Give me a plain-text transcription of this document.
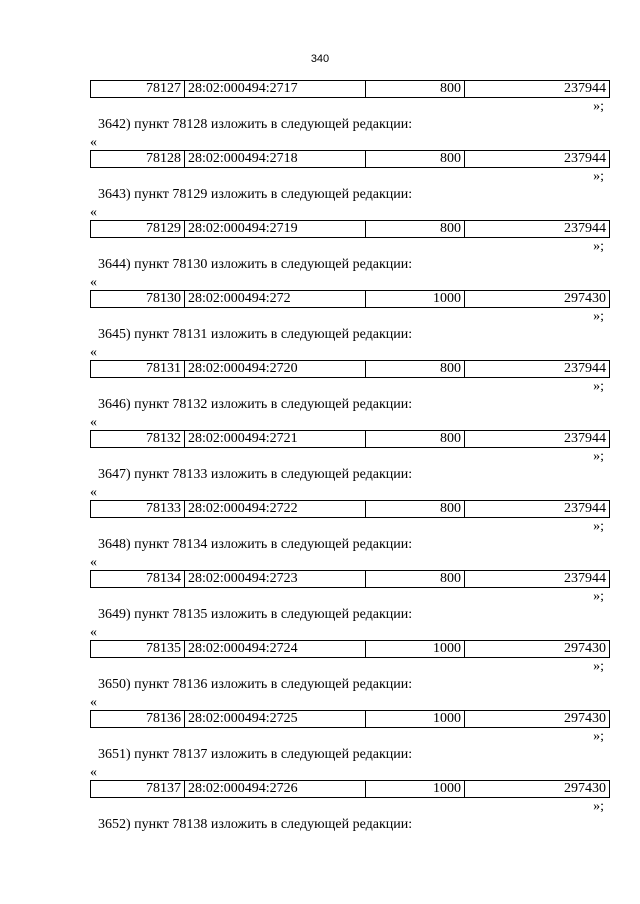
340
78127	28:02:000494:2717	800	237944
»;
3642) пункт 78128 изложить в следующей редакции:
«
78128	28:02:000494:2718	800	237944
»;
3643) пункт 78129 изложить в следующей редакции:
«
78129	28:02:000494:2719	800	237944
»;
3644) пункт 78130 изложить в следующей редакции:
«
78130	28:02:000494:272	1000	297430
»;
3645) пункт 78131 изложить в следующей редакции:
«
78131	28:02:000494:2720	800	237944
»;
3646) пункт 78132 изложить в следующей редакции:
«
78132	28:02:000494:2721	800	237944
»;
3647) пункт 78133 изложить в следующей редакции:
«
78133	28:02:000494:2722	800	237944
»;
3648) пункт 78134 изложить в следующей редакции:
«
78134	28:02:000494:2723	800	237944
»;
3649) пункт 78135 изложить в следующей редакции:
«
78135	28:02:000494:2724	1000	297430
»;
3650) пункт 78136 изложить в следующей редакции:
«
78136	28:02:000494:2725	1000	297430
»;
3651) пункт 78137 изложить в следующей редакции:
«
78137	28:02:000494:2726	1000	297430
»;
3652) пункт 78138 изложить в следующей редакции:
